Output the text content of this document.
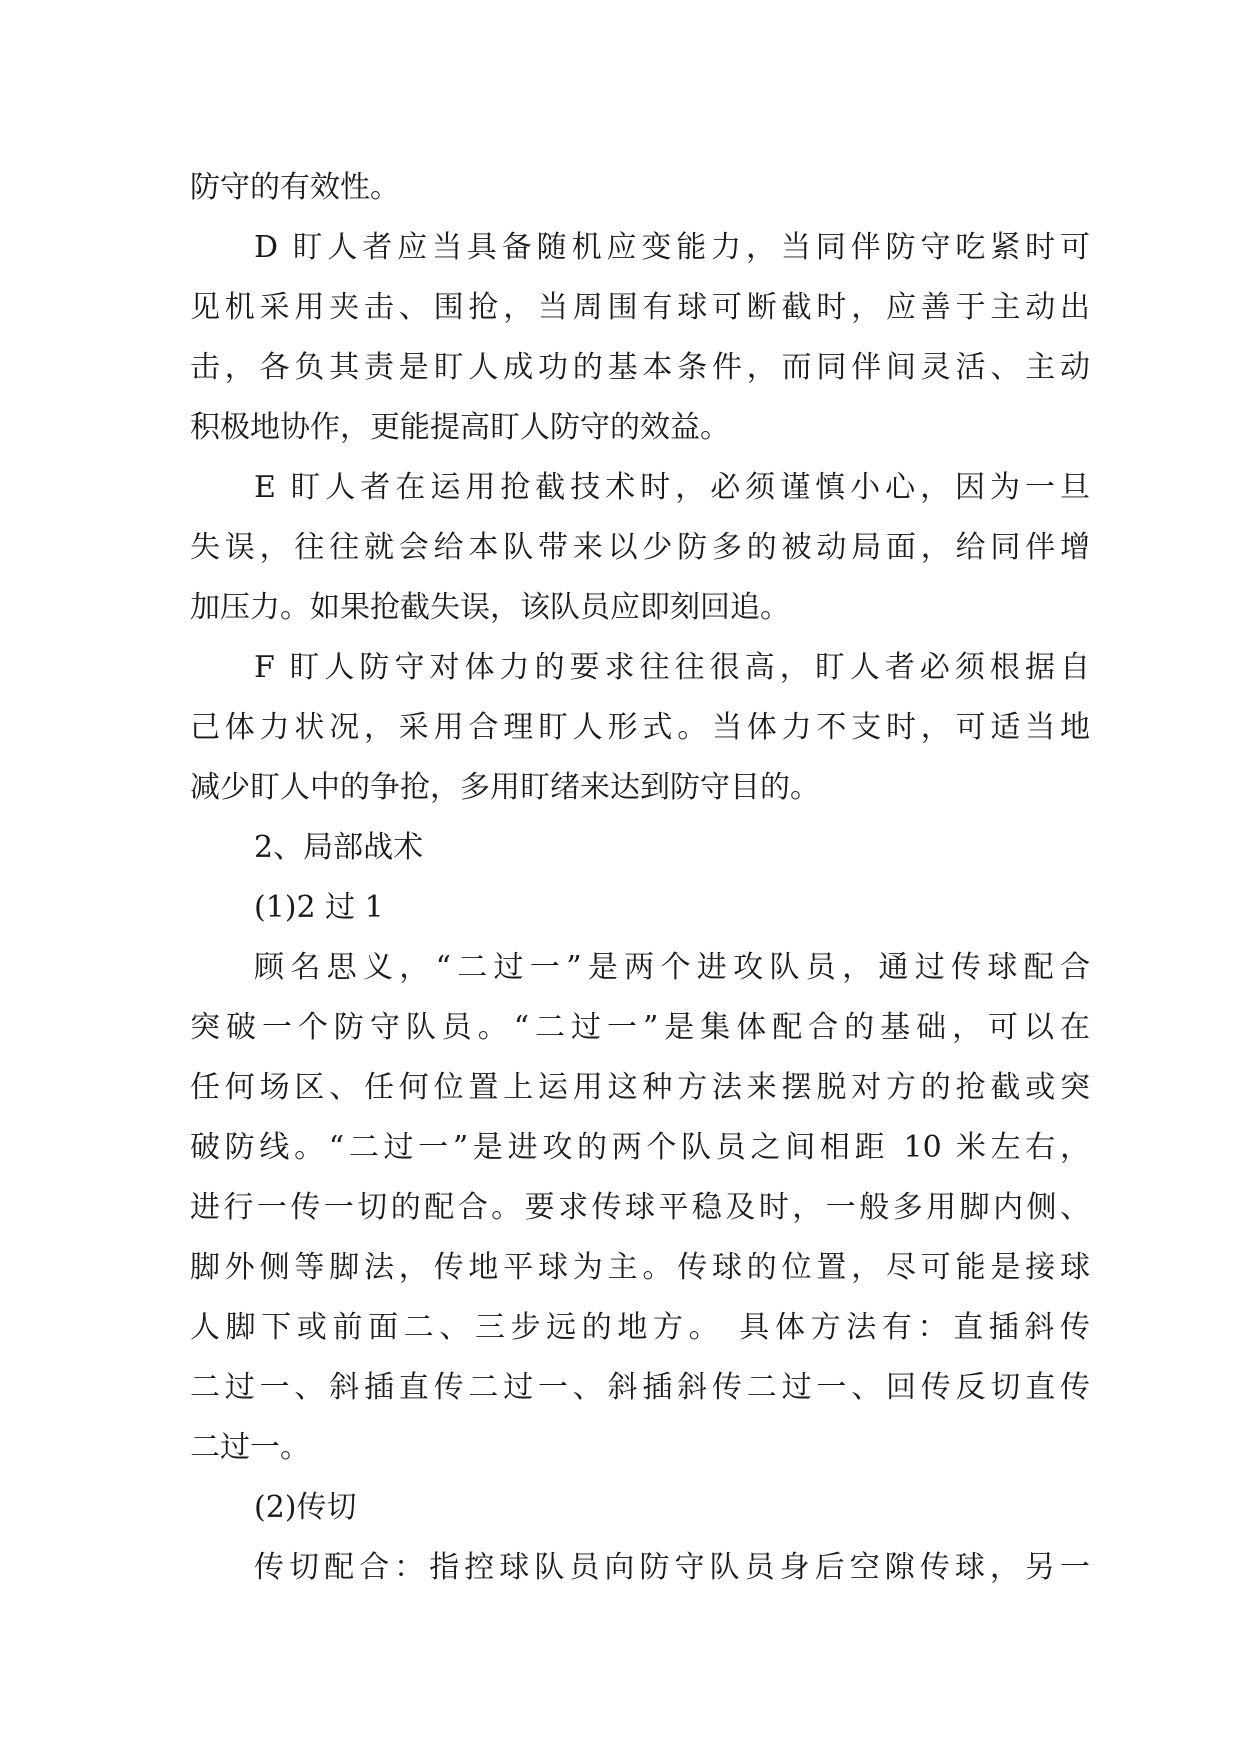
防守的有效性。
D 盯人者应当具备随机应变能力，当同伴防守吃紧时可
见机采用夹击、围抢，当周围有球可断截时，应善于主动出
击，各负其责是盯人成功的基本条件，而同伴间灵活、主动
积极地协作，更能提高盯人防守的效益。
E 盯人者在运用抢截技术时，必须谨慎小心，因为一旦
失误，往往就会给本队带来以少防多的被动局面，给同伴增
加压力。如果抢截失误，该队员应即刻回追。
F 盯人防守对体力的要求往往很高，盯人者必须根据自
己体力状况，采用合理盯人形式。当体力不支时，可适当地
减少盯人中的争抢，多用盯绪来达到防守目的。
2、局部战术
(1)2 过 1
顾名思义，“二过一”是两个进攻队员，通过传球配合
突破一个防守队员。“二过一”是集体配合的基础，可以在
任何场区、任何位置上运用这种方法来摆脱对方的抢截或突
破防线。“二过一”是进攻的两个队员之间相距 10 米左右，
进行一传一切的配合。要求传球平稳及时，一般多用脚内侧、
脚外侧等脚法，传地平球为主。传球的位置，尽可能是接球
人脚下或前面二、三步远的地方。 具体方法有：直插斜传
二过一、斜插直传二过一、斜插斜传二过一、回传反切直传
二过一。
(2)传切
传切配合：指控球队员向防守队员身后空隙传球，另一
